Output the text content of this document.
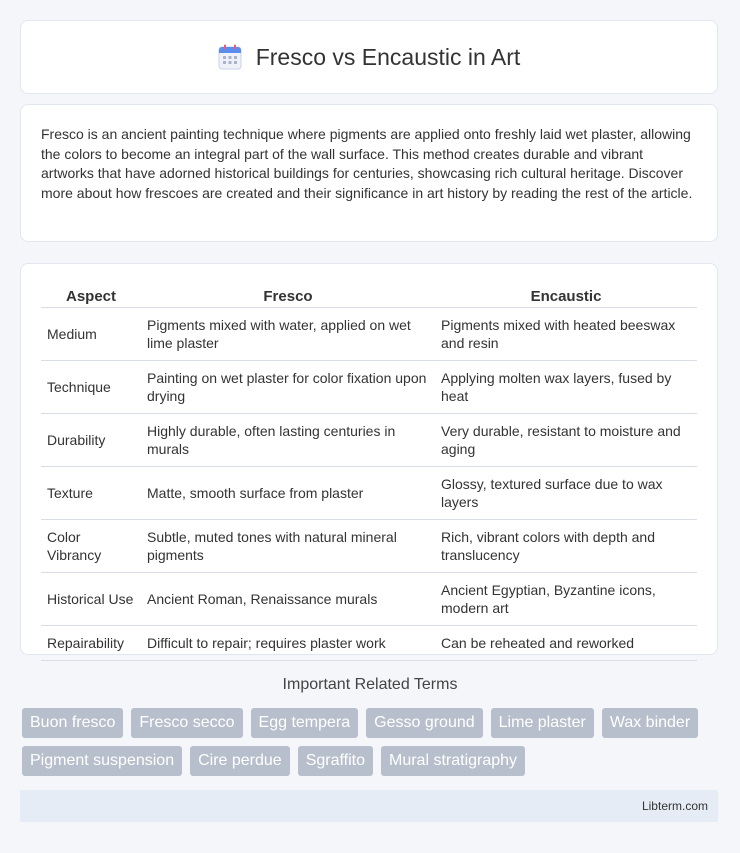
Fresco vs Encaustic in Art

Fresco is an ancient painting technique where pigments are applied onto freshly laid wet plaster, allowing the colors to become an integral part of the wall surface. This method creates durable and vibrant artworks that have adorned historical buildings for centuries, showcasing rich cultural heritage. Discover more about how frescoes are created and their significance in art history by reading the rest of the article.

Aspect	Fresco	Encaustic
Medium	Pigments mixed with water, applied on wet lime plaster	Pigments mixed with heated beeswax and resin
Technique	Painting on wet plaster for color fixation upon drying	Applying molten wax layers, fused by heat
Durability	Highly durable, often lasting centuries in murals	Very durable, resistant to moisture and aging
Texture	Matte, smooth surface from plaster	Glossy, textured surface due to wax layers
Color Vibrancy	Subtle, muted tones with natural mineral pigments	Rich, vibrant colors with depth and translucency
Historical Use	Ancient Roman, Renaissance murals	Ancient Egyptian, Byzantine icons, modern art
Repairability	Difficult to repair; requires plaster work	Can be reheated and reworked
Important Related Terms
Buon fresco	Fresco secco	Egg tempera	Gesso ground	Lime plaster	Wax binder
Pigment suspension	Cire perdue	Sgraffito	Mural stratigraphy
Libterm.com
